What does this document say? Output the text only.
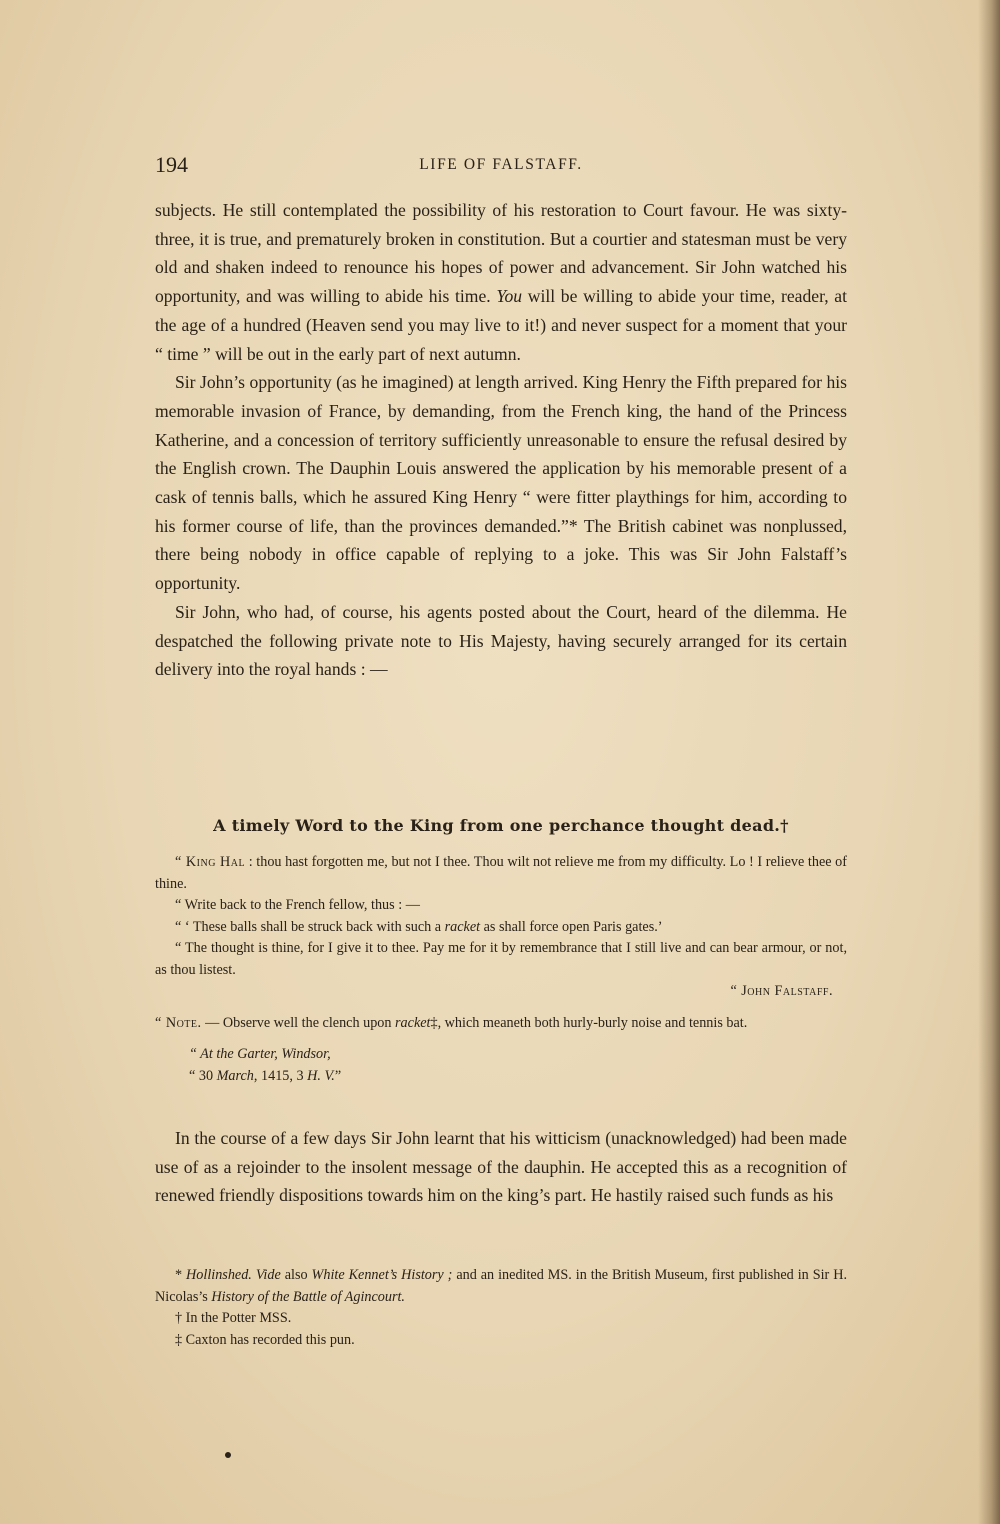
194	LIFE OF FALSTAFF.

subjects. He still contemplated the possibility of his restoration to Court favour. He was sixty-three, it is true, and prematurely broken in constitution. But a courtier and statesman must be very old and shaken indeed to renounce his hopes of power and advancement. Sir John watched his opportunity, and was willing to abide his time. You will be willing to abide your time, reader, at the age of a hundred (Heaven send you may live to it!) and never suspect for a moment that your “ time ” will be out in the early part of next autumn.

Sir John’s opportunity (as he imagined) at length arrived. King Henry the Fifth prepared for his memorable invasion of France, by demanding, from the French king, the hand of the Princess Katherine, and a concession of territory sufficiently unreasonable to ensure the refusal desired by the English crown. The Dauphin Louis answered the application by his memorable present of a cask of tennis balls, which he assured King Henry “ were fitter playthings for him, according to his former course of life, than the provinces demanded.”* The British cabinet was nonplussed, there being nobody in office capable of replying to a joke. This was Sir John Falstaff’s opportunity.

Sir John, who had, of course, his agents posted about the Court, heard of the dilemma. He despatched the following private note to His Majesty, having securely arranged for its certain delivery into the royal hands : —

A timely Word to the King from one perchance thought dead.†

“ King Hal : thou hast forgotten me, but not I thee. Thou wilt not relieve me from my difficulty. Lo ! I relieve thee of thine.

“ Write back to the French fellow, thus : —

“ ‘ These balls shall be struck back with such a racket as shall force open Paris gates.’

“ The thought is thine, for I give it to thee. Pay me for it by remembrance that I still live and can bear armour, or not, as thou listest.

“ John Falstaff.

“ Note. — Observe well the clench upon racket‡, which meaneth both hurly-burly noise and tennis bat.

“ At the Garter, Windsor,

“ 30 March, 1415, 3 H. V.”

In the course of a few days Sir John learnt that his witticism (unacknowledged) had been made use of as a rejoinder to the insolent message of the dauphin. He accepted this as a recognition of renewed friendly dispositions towards him on the king’s part. He hastily raised such funds as his

* Hollinshed. Vide also White Kennet’s History ; and an inedited MS. in the British Museum, first published in Sir H. Nicolas’s History of the Battle of Agincourt.

† In the Potter MSS.

‡ Caxton has recorded this pun.
